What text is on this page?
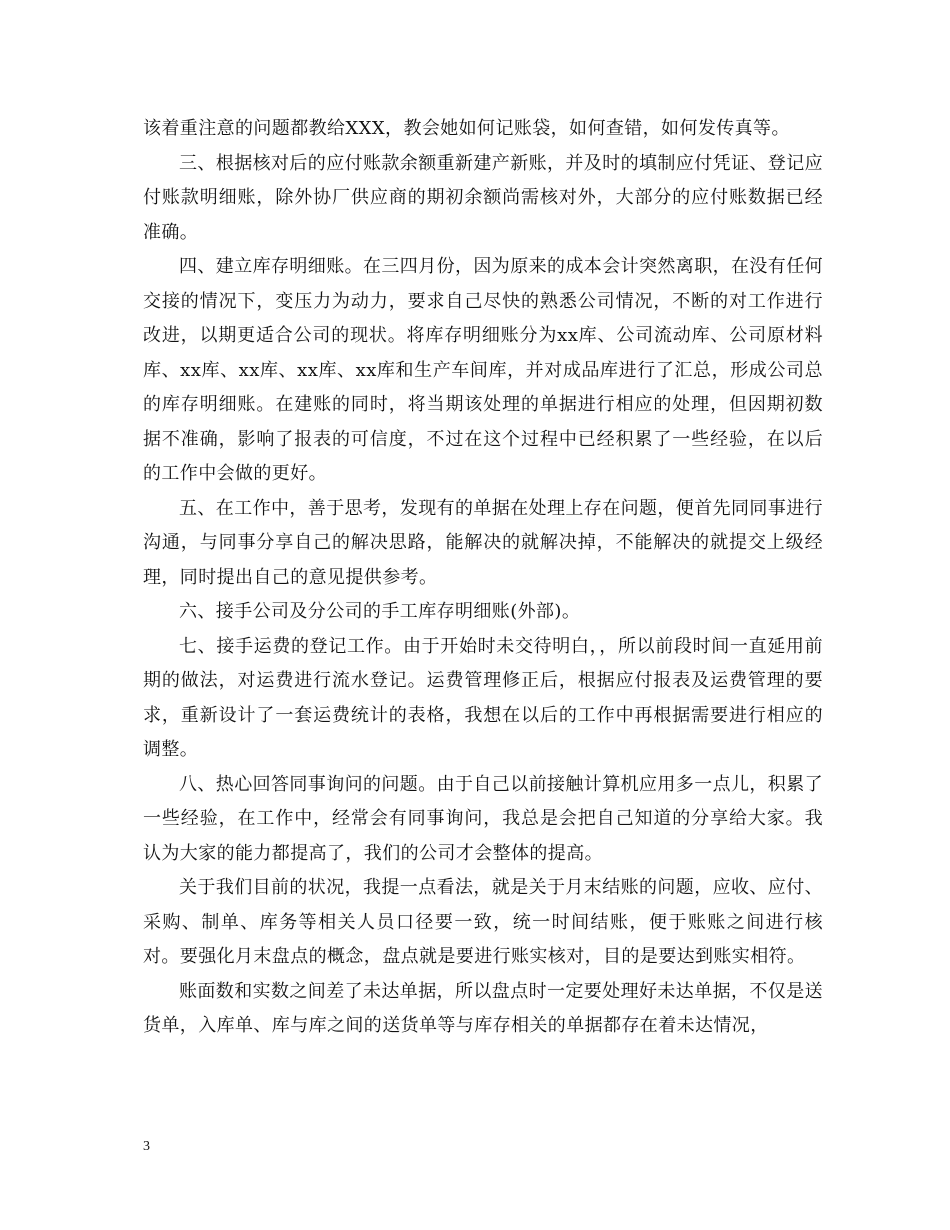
该着重注意的问题都教给XXX，教会她如何记账袋，如何查错，如何发传真等。

三、根据核对后的应付账款余额重新建产新账，并及时的填制应付凭证、登记应付账款明细账，除外协厂供应商的期初余额尚需核对外，大部分的应付账数据已经准确。

四、建立库存明细账。在三四月份，因为原来的成本会计突然离职，在没有任何交接的情况下，变压力为动力，要求自己尽快的熟悉公司情况，不断的对工作进行改进，以期更适合公司的现状。将库存明细账分为xx库、公司流动库、公司原材料库、xx库、xx库、xx库、xx库和生产车间库，并对成品库进行了汇总，形成公司总的库存明细账。在建账的同时，将当期该处理的单据进行相应的处理，但因期初数据不准确，影响了报表的可信度，不过在这个过程中已经积累了一些经验，在以后的工作中会做的更好。

五、在工作中，善于思考，发现有的单据在处理上存在问题，便首先同同事进行沟通，与同事分享自己的解决思路，能解决的就解决掉，不能解决的就提交上级经理，同时提出自己的意见提供参考。

六、接手公司及分公司的手工库存明细账(外部)。

七、接手运费的登记工作。由于开始时未交待明白，，所以前段时间一直延用前期的做法，对运费进行流水登记。运费管理修正后，根据应付报表及运费管理的要求，重新设计了一套运费统计的表格，我想在以后的工作中再根据需要进行相应的调整。

八、热心回答同事询问的问题。由于自己以前接触计算机应用多一点儿，积累了一些经验，在工作中，经常会有同事询问，我总是会把自己知道的分享给大家。我认为大家的能力都提高了，我们的公司才会整体的提高。

关于我们目前的状况，我提一点看法，就是关于月末结账的问题，应收、应付、采购、制单、库务等相关人员口径要一致，统一时间结账，便于账账之间进行核对。要强化月末盘点的概念，盘点就是要进行账实核对，目的是要达到账实相符。

账面数和实数之间差了未达单据，所以盘点时一定要处理好未达单据，不仅是送货单，入库单、库与库之间的送货单等与库存相关的单据都存在着未达情况，

3
